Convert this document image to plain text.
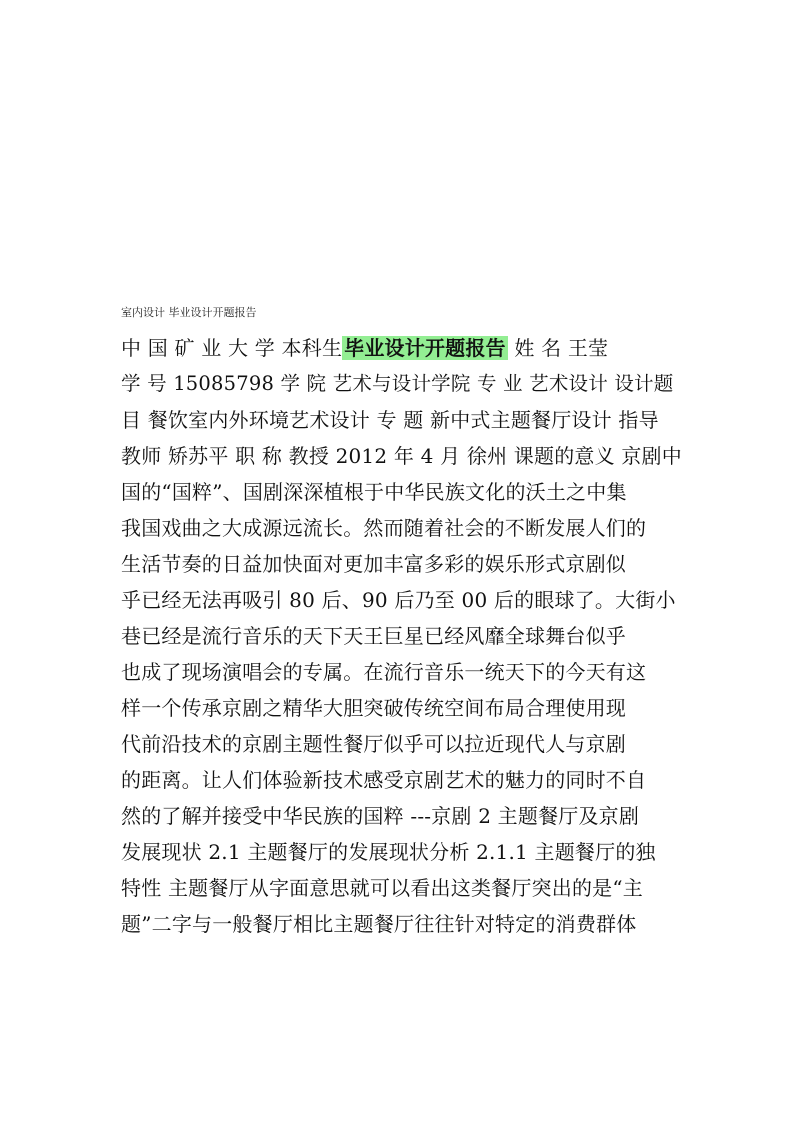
室内设计 毕业设计开题报告
中 国 矿 业 大 学 本科生 毕业设计开题报告 姓 名 王莹
学 号 15085798 学 院 艺术与设计学院 专 业 艺术设计 设计题
目 餐饮室内外环境艺术设计 专 题 新中式主题餐厅设计 指导
教师 矫苏平 职 称 教授 2012 年 4 月 徐州 课题的意义 京剧中
国的“国粹”、国剧深深植根于中华民族文化的沃土之中集
我国戏曲之大成源远流长。然而随着社会的不断发展人们的
生活节奏的日益加快面对更加丰富多彩的娱乐形式京剧似
乎已经无法再吸引 80 后、90 后乃至 00 后的眼球了。大街小
巷已经是流行音乐的天下天王巨星已经风靡全球舞台似乎
也成了现场演唱会的专属。在流行音乐一统天下的今天有这
样一个传承京剧之精华大胆突破传统空间布局合理使用现
代前沿技术的京剧主题性餐厅似乎可以拉近现代人与京剧
的距离。让人们体验新技术感受京剧艺术的魅力的同时不自
然的了解并接受中华民族的国粹 ---京剧 2 主题餐厅及京剧
发展现状 2.1 主题餐厅的发展现状分析 2.1.1 主题餐厅的独
特性 主题餐厅从字面意思就可以看出这类餐厅突出的是“主
题”二字与一般餐厅相比主题餐厅往往针对特定的消费群体
